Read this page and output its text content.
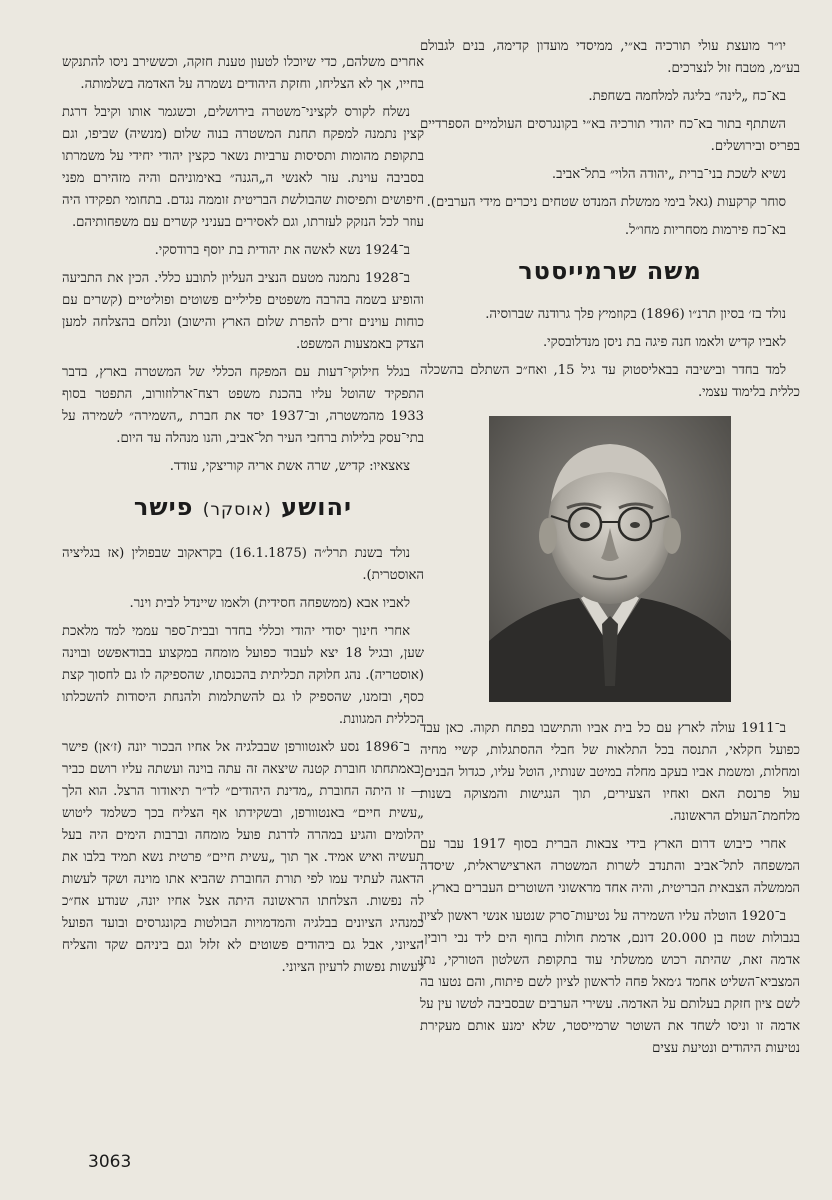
יו״ר מועצת עולי תורכיה בא״י, ממיסדי מועדון קדימה, בנים לגבולם בע״מ, מטבח זול לנצרכים.

בא־כח „לינה״ בליגה למלחמה בשחפת.

השתתף בתור בא־כח יהודי תורכיה בא״י בקונגרסים העולמיים הספרדיים בפריס ובירושלים.

נשיא לשכת בני־ברית „יהודה הלוי״ בתל־אביב.

סוחר קרקעות (גאל בימי ממשלת המנדט שטחים ניכרים מידי הערבים).

בא־כח פירמות מסחריות מחו״ל.

משה שרמייסטר

נולד בז׳ בסיון תרנ״ו (1896) בקוזמיץ פלך גרודנה שברוסיה.

לאביו קדיש ולאמו חנה פיגה בת ניסן מנדלובסקי.

למד בחדר ובישיבה בבאליסטוק עד גיל 15, ואח״כ השתלם בהשכלה כללית בלימוד עצמי.

ב־1911 עולה לארץ עם כל בית אביו והתישבו בפתח תקוה. כאן עבד כפועל חקלאי, התנסה בכל התלאות של חבלי ההסתגלות, קשיי מחיה ומחלות, ומשמת אביו בעקב מחלה במיטב שנותיו, הוטל עליו, כגדול הבנים, עול פרנסת האם ואחיו הצעירים, תוך הנגישות והמצוקה בשנות מלחמת־העולם הראשונה.

אחרי כיבוש דרום הארץ בידי צבאות הברית בסוף 1917 עבר עם המשפחה לתל־אביב והתנדב לשרות המשטרה הארצישראלית, שיסדה הממשלה הצבאית הבריטית, והיה אחד מראשוני השוטרים העברים בארץ.

ב־1920 הוטלה עליו השמירה על נטיעות־סרק שנטעו אנשי ראשון לציון בגבולות שטח בן 20.000 דונם, אדמת חולות בחוף הים ליד נבי רובין. אדמה זאת, שהיתה רכוש ממשלתי עוד בתקופת השלטון הטורקי, נתן המצביא־השליט אחמד ג׳מאל פחה לראשון לציון לשם פיתוח, והם נטעו בה לשם ציון חזקת בעלותם על האדמה. עשירי הערבים שבסביבה לטשו עין על אדמה זו וניסו לשחד את השוטר שרמייסטר, שלא ימנע אותם מעקירת נטיעות היהודים ונטיעת עצים

אחרים משלהם, כדי שיוכלו לטעון טענת חזקה, וכששירב ניסו להתנקש בחייו, אך לא הצליחו, וחזקת היהודים נשמרה על האדמה בשלמותה.

נשלח לקורס לקציני־משטרה בירושלים, וכשגמר אותו וקיבל דרגת קצין נתמנה למפקח תחנת המשטרה בנוה שלום (מנשיה) שביפו, וגם בתקופת מהומות ותסיסות ערביות נשאר כקצין יהודי יחידי על משמרתו בסביבה עוינת. עזר לאנשי ה„הגנה״ באימוניהם והיה מזהירם מפני חיפושים ותפיסות שהבולשת הבריטית זוממה נגדם. בתחומי תפקידו היה עוזר לכל הנזקק לעזרתו, וגם לאסירים בעניני קשרים עם משפחותיהם.

ב־1924 נשא לאשה את יהודית בת יוסף ברודסקי.

ב־1928 נתמנה מטעם הנציב העליון לתובע כללי. הכין את התביעה והופיע בשמה בהרבה משפטים פליליים פשוטים ופוליטיים (קשרים עם כוחות עוינים זרים להפרת שלום הארץ והישוב) ונלחם בהצלחה למען הצדק באמצעות המשפט.

בגלל חילוקי־דעות עם המפקח הכללי של המשטרה בארץ, בדבר התפקיד שהוטל עליו בהכנת משפט רצח־ארלוזורוב, התפטר בסוף 1933 מהמשטרה, וב־1937 יסד את חברת „השמירה״ לשמירה על בתי־עסק בלילות ברחבי העיר תל־אביב, והנו מנהלה עד היום.

צאצאיו: קדיש, שרה אשת אריה קוריצקי, עודד.

יהושע (אוסקר) פישר

נולד בשנת תרל״ה (16.1.1875) בקראקוב שבפולין (אז בגליציה האוסטרית).

לאביו אבא (ממשפחה חסידית) ולאמו שיינדל לבית וינר.

אחרי חינוך יסודי יהודי וכללי בחדר ובבית־ספר עממי למד מלאכת שען, ובגיל 18 יצא לעבוד כפועל מומחה במקצוע בבודאפשט ובוינה (אוסטריה). נהג חלוקה תכליתית בהכנסתו, שהספיקה לו גם לחסוך קצת כסף, ובזמנו, שהספיק לו גם להשתלמות ולהנחת היסודות להשכלתו הכללית המגוונת.

ב־1896 נסע לאנטוורפן שבבלגיה אל אחיו הבכור יונה (ז׳אן) פישר ובאמתחתו חוברת קטנה שיצאה זה עתה בוינה ועשתה עליו רושם כביר — זו היתה החוברת „מדינת היהודים״ לד״ר תיאודור הרצל. הוא הלך „עשית חיים״ באנטוורפן, ובשקידתו אף הצליח בכך כשלמד ליטוש יהלומים והגיע במהרה לדרגת פועל מומחה וברבות הימים היה בעל תעשיה ואיש אמיד. אך תוך „עשית חיים״ פרטית נשא תמיד בלבו את הדאגה לעתיד עמו לפי תורת החוברת שהביא אתו מוינה ושקד לעשות לה נפשות. הצלחתו הראשונה היתה אצל אחיו יונה, שנודע אח״כ כמנהיג הציונים בבלגיה והמדמויות הבולטות בקונגרסים ובועד הפועל הציוני, אבל גם ביהודים פשוטים לא זלזל וגם ביניהם שקד והצליח לעשות נפשות לרעיון הציוני.

3063
